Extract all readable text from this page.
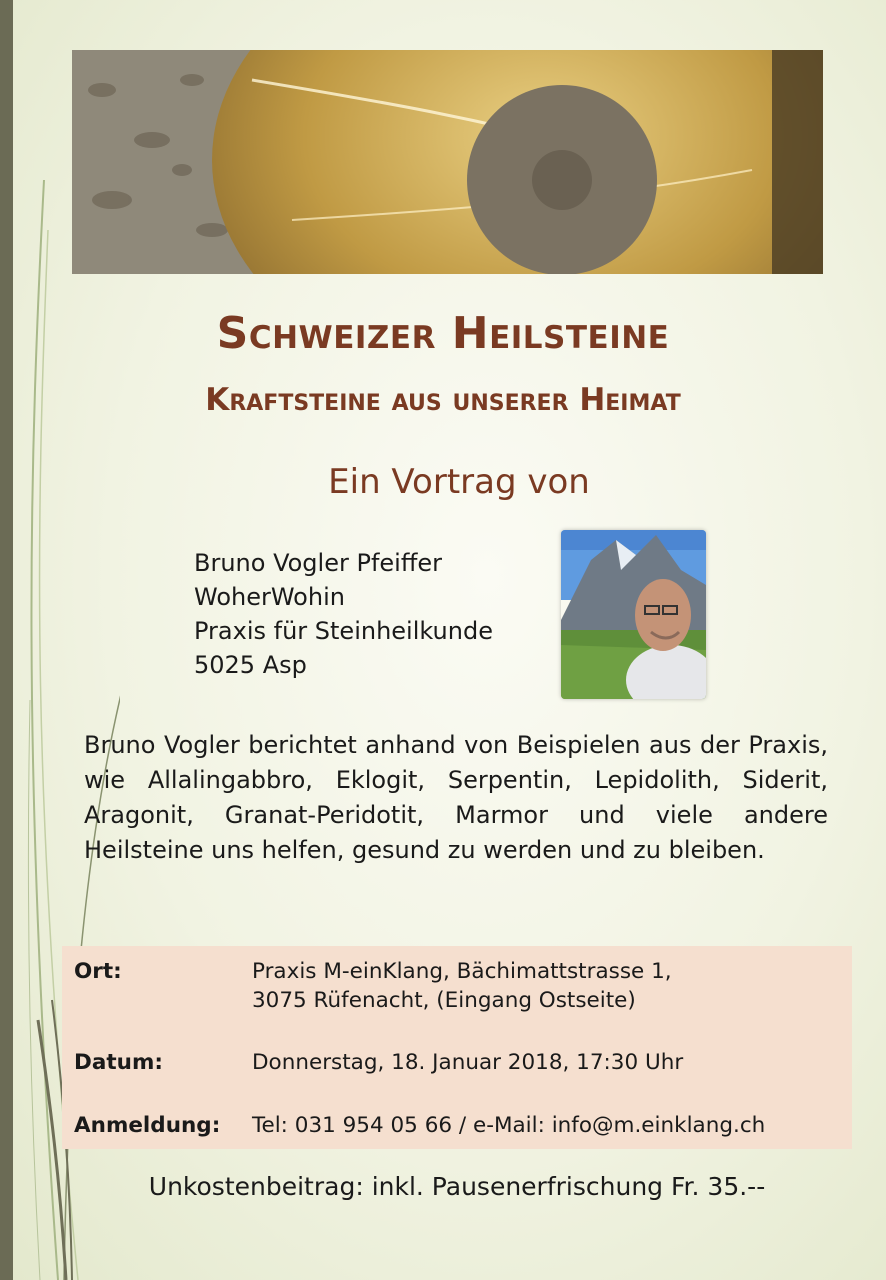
Schweizer Heilsteine
Kraftsteine aus unserer Heimat
Ein Vortrag von
Bruno Vogler Pfeiffer
WoherWohin
Praxis für Steinheilkunde
5025 Asp

Bruno Vogler berichtet anhand von Beispielen aus der Praxis, wie Allalingabbro, Eklogit, Serpentin, Lepidolith, Siderit, Aragonit, Granat-Peridotit, Marmor und viele andere Heilsteine uns helfen, gesund zu werden und zu bleiben.

Ort:	Praxis M-einKlang, Bächimattstrasse 1,
3075 Rüfenacht, (Eingang Ostseite)
Datum:	Donnerstag, 18. Januar 2018, 17:30 Uhr
Anmeldung: Tel: 031 954 05 66 / e-Mail: info@m.einklang.ch
Unkostenbeitrag: inkl. Pausenerfrischung Fr. 35.--
